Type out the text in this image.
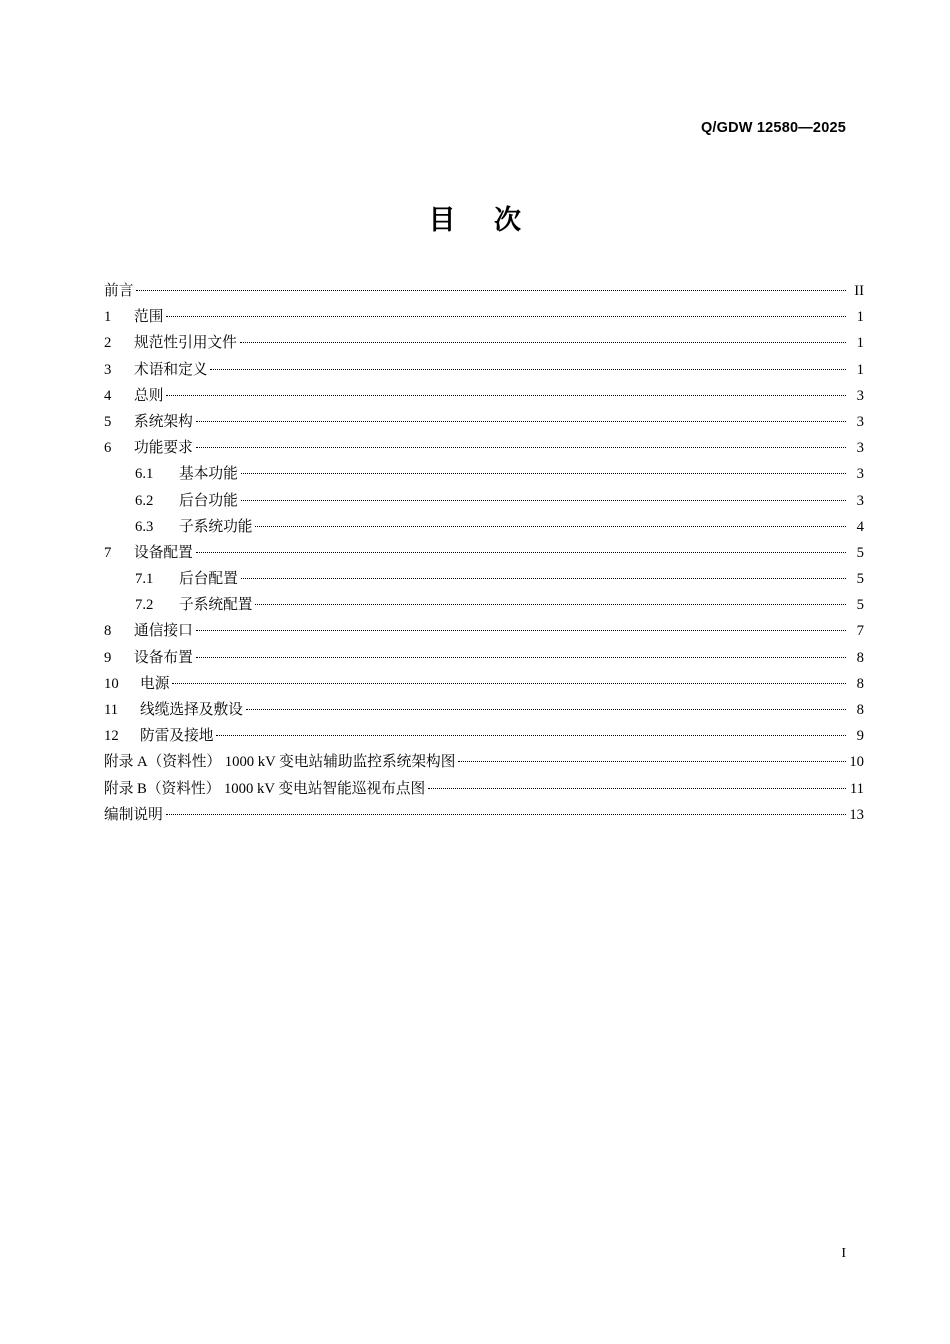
Q/GDW 12580—2025
目 次
前言	II
1	范围	1
2	规范性引用文件	1
3	术语和定义	1
4	总则	3
5	系统架构	3
6	功能要求	3
6.1	基本功能	3
6.2	后台功能	3
6.3	子系统功能	4
7	设备配置	5
7.1	后台配置	5
7.2	子系统配置	5
8	通信接口	7
9	设备布置	8
10	电源	8
11	线缆选择及敷设	8
12	防雷及接地	9
附录 A（资料性） 1000 kV 变电站辅助监控系统架构图	10
附录 B（资料性） 1000 kV 变电站智能巡视布点图	11
编制说明	13
I
